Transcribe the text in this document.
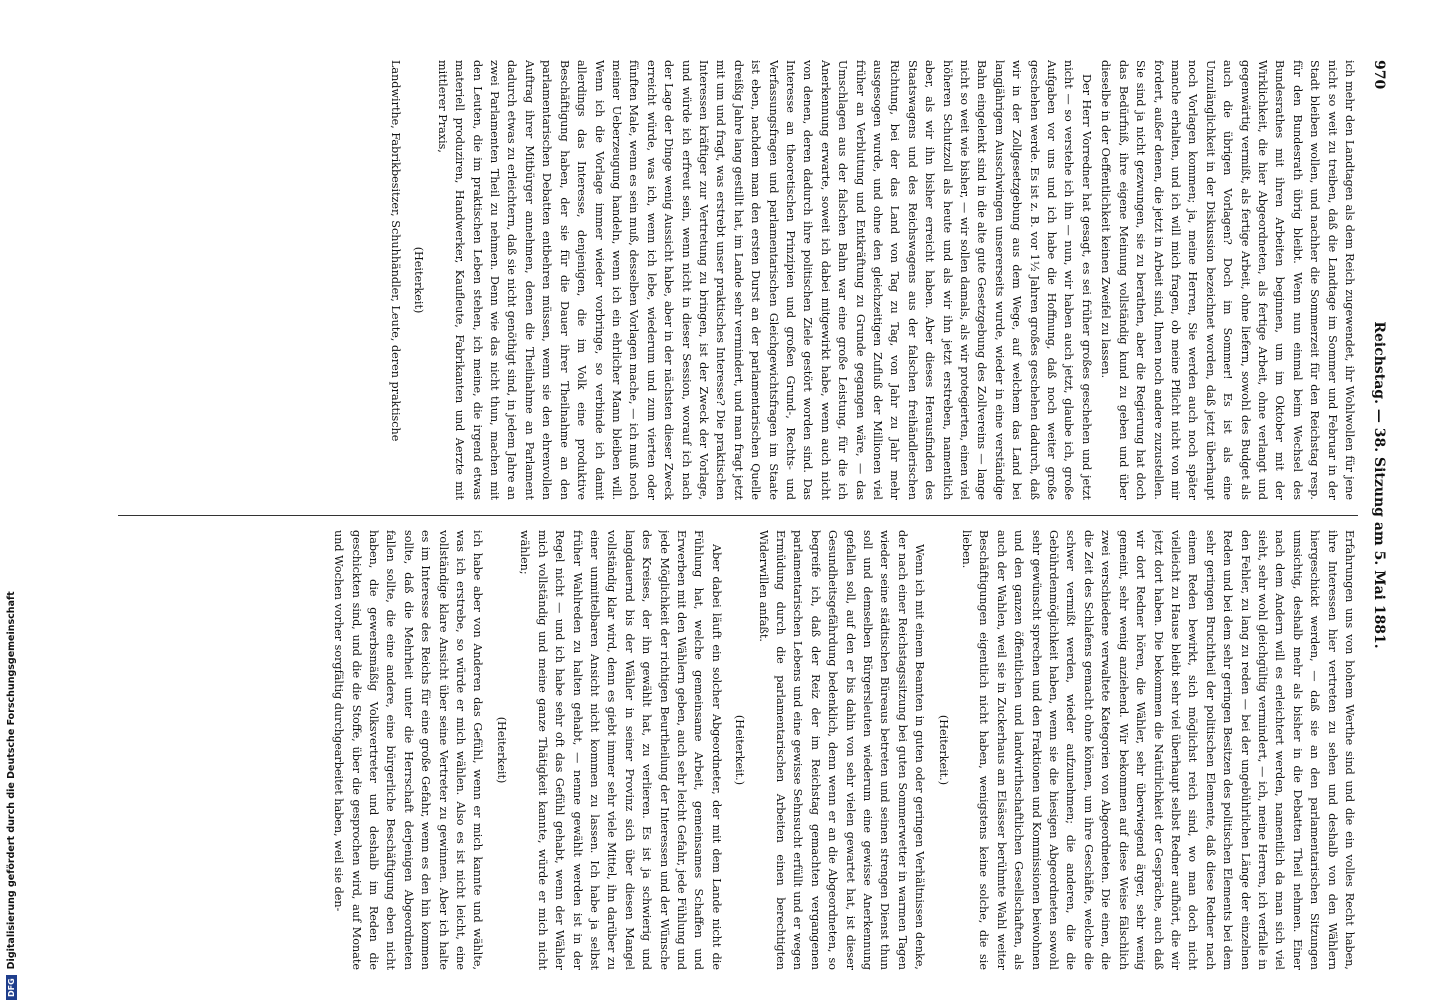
970
Reichstag. — 38. Sitzung am 5. Mai 1881.

ich mehr den Landtagen als dem Reich zugewendet, ihr Wohlwollen für jene nicht so weit zu treiben, daß die Landtage im Sommer und Februar in der Stadt bleiben wollen, und nachher die Sommerzeit für den Reichstag resp. für den Bundesrath übrig bleibt. Wenn nun einmal beim Wechsel des Bundesrathes mit ihren Arbeiten beginnen, um im Oktober mit der Wirklichkeit, die hier Abgeordneten, als fertige Arbeit, ohne verlangt und gegenwärtig vermißt, als fertige Arbeit, ohne liefern, sowohl des Budget als auch die übrigen Vorlagen? Doch im Sommer! Es ist als eine Unzulänglichkeit in der Diskussion bezeichnet worden, daß jetzt überhaupt noch Vorlagen kommen; ja, meine Herren, Sie werden auch noch später manche erhalten, und ich will mich fragen, ob meine Pflicht nicht von mir fordert, außer denen, die jetzt in Arbeit sind, Ihnen noch andere zuzustellen. Sie sind ja nicht gezwungen, sie zu berathen, aber die Regierung hat doch das Bedürfniß, ihre eigene Meinung vollständig kund zu geben und über dieselbe in der Oeffentlichkeit keinen Zweifel zu lassen.

Der Herr Vorredner hat gesagt, es sei früher großes geschehen und jetzt nicht — so verstehe ich ihn — nun, wir haben auch jetzt, glaube ich, große Aufgaben vor uns und ich habe die Hoffnung, daß noch weiter große geschehen werde. Es ist z. B. vor 1½ Jahren großes geschehen dadurch, daß wir in der Zollgesetzgebung aus dem Wege, auf welchem das Land bei langjährigem Ausschwingen unsererseits wurde, wieder in eine verständige Bahn eingelenkt sind in die alte gute Gesetzgebung des Zollvereins — lange nicht so weit wie bisher, — wir sollen damals, als wir protegierten, einen viel höheren Schutzzoll als heute und als wir ihn jetzt erstreben, namentlich aber, als wir ihn bisher erreicht haben. Aber dieses Herausfinden des Staatswagens und des Reichswagens aus der falschen freihändlerischen Richtung, bei der das Land von Tag zu Tag, von Jahr zu Jahr mehr ausgesogen wurde, und ohne den gleichzeitigen Zufluß der Millionen viel früher an Verblutung und Entkräftung zu Grunde gegangen wäre, — das Umschlagen aus der falschen Bahn war eine große Leistung, für die ich Anerkennung erwarte, soweit ich dabei mitgewirkt habe, wenn auch nicht von denen, deren dadurch ihre politischen Ziele gestört worden sind. Das Interesse an theoretischen Prinzipien und großen Grund-, Rechts- und Verfassungsfragen und parlamentarischen Gleichgewichtsfragen im Staate ist eben, nachdem man den ersten Durst an der parlamentarischen Quelle dreißig Jahre lang gestillt hat, im Lande sehr vermindert, und man fragt jetzt mit um und fragt, was erstrebt unser praktisches Interesse? Die praktischen Interessen kräftiger zur Vertretung zu bringen, ist der Zweck der Vorlage, und würde ich erfreut sein, wenn nicht in dieser Session, worauf ich nach der Lage der Dinge wenig Aussicht habe, aber in der nächsten dieser Zweck erreicht würde, was ich, wenn ich lebe, wiederum und zum vierten oder fünften Male, wenn es sein muß, desselben Vorlagen mache, — ich muß noch meiner Ueberzeugung handeln, wenn ich ein ehrlicher Mann bleiben will. Wenn ich die Vorlage immer wieder vorbringe, so verbinde ich damit allerdings das Interesse, denjenigen, die im Volk eine produktive Beschäftigung haben, der sie für die Dauer ihrer Theilnahme an den parlamentarischen Debatten entbehren müssen, wenn sie den ehrenvollen Auftrag ihrer Mitbürger annehmen, denen die Theilnahme an Parlament dadurch etwas zu erleichtern, daß sie nicht genöthigt sind, in jedem Jahre an zwei Parlamenten Theil zu nehmen. Denn wie das nicht thun, machen mit den Leuten, die im praktischen Leben stehen, ich meine, die irgend etwas materiell produziren, Handwerker, Kaufleute, Fabrikanten und Aerzte mit mittlerer Praxis,

(Heiterkeit)

Landwirthe, Fabrikbesitzer, Schuhhändler, Leute, deren praktische

Erfahrungen uns von hohem Werthe sind und die ein volles Recht haben, ihre Interessen hier vertreten zu sehen und deshalb von den Wählern hiergeschickt werden, — daß sie an den parlamentarischen Sitzungen umsichtig, deshalb mehr als bisher in die Debatten Theil nehmen. Einer nach dem Andern will es erleichtert werden, namentlich da man sich viel sieht, sehr wohl gleichgültig vermindert, — ich, meine Herren, ich verfalle in den Fehler, zu lang zu reden — bei der ungebührlichen Länge der einzelnen Reden und bei dem sehr geringen Besitzen des politischen Elements bei dem sehr geringen Bruchtheil der politischen Elemente, daß diese Redner nach einem Reden bewirkt, sich möglichst reich sind, wo man doch nicht vielleicht zu Hause bleibt sehr viel überhaupt selbst Redner aufhört, die wir jetzt dort haben. Die bekommen die Natürlichkeit der Gespräche, auch daß wir dort Redner hören, die Wähler, sehr überwiegend ärger, sehr wenig gemeint, sehr wenig anziehend. Wir bekommen auf diese Weise fälschlich zwei verschiedene verwaltete Kategorien von Abgeordneten. Die einen, die die Zeit des Schlafens gemacht ohne können, um ihre Geschäfte, welche die schwer vermißt werden, wieder aufzunehmen; die anderen, die die Gebührdenmöglichkeit haben, wenn sie die hiesigen Abgeordneten sowohl sehr gewünscht sprechen und den Fraktionen und Kommissionen beiwohnen und den ganzen öffentlichen und landwirthschaftlichen Gesellschaften, als auch der Wahlen, weil sie in Zuckerhaus am Elsässer berühmte Wahl weiter Beschäftigungen eigentlich nicht haben, wenigstens keine solche, die sie lieben.

(Heiterkeit.)

Wenn ich mit einem Beamten in guten oder geringen Verhältnissen denke, der nach einer Reichstagssitzung bei guten Sommerwetter in warmen Tagen wieder seine städtischen Büreaus betreten und seinen strengen Dienst thun soll und demselben Bürgersleuten wiederum eine gewisse Anerkennung gefallen soll, auf den er bis dahin von sehr vielen gewartet hat, ist dieser Gesundheitsgefährdung bedenklich, denn wenn er an die Abgeordneten, so begreife ich, daß der Reiz der im Reichstag gemachten vergangenen parlamentarischen Lebens und eine gewisse Sehnsucht erfüllt und er wegen Ermüdung durch die parlamentarischen Arbeiten einen berechtigten Widerwillen anfaßt.

(Heiterkeit.)

Aber dabei läuft ein solcher Abgeordneter, der mit dem Lande nicht die Fühlung hat, welche gemeinsame Arbeit, gemeinsames Schaffen und Erwerben mit den Wählern geben, auch sehr leicht Gefahr, jede Fühlung und jede Möglichkeit der richtigen Beurtheilung der Interessen und der Wünsche des Kreises, der ihn gewählt hat, zu verlieren. Es ist ja schwierig und langdauernd bis der Wähler in seiner Provinz sich über diesen Mangel vollständig klar wird, denn es giebt immer sehr viele Mittel, ihn darüber zu einer unmittelbaren Ansicht nicht kommen zu lassen. Ich habe ja selbst früher Wahlreden zu halten gehabt, — nenne gewählt werden ist in der Regel nicht — und ich habe sehr oft das Gefühl gehabt, wenn der Wähler mich vollständig und meine ganze Thätigkeit kannte, würde er mich nicht wählen;

(Heiterkeit)

ich habe aber von Anderen das Gefühl, wenn er mich kannte und wählte, was ich erstrebe, so würde er mich wählen. Also es ist nicht leicht, eine vollständige klare Ansicht über seine Vertreter zu gewinnen. Aber ich halte es im Interesse des Reichs für eine große Gefahr, wenn es den hin kommen sollte, daß die Mehrheit unter die Herrschaft derjenigen Abgeordneten fallen sollte, die eine andere, eine bürgerliche Beschäftigung eben nicht haben, die gewerbsmäßig Volksvertreter und deshalb im Reden die geschickten sind, und die die Stoffe, über die gesprochen wird, auf Monate und Wochen vorher sorgfältig durchgearbeitet haben, weil sie den-

DFG
Digitalisierung gefördert durch die Deutsche Forschungsgemeinschaft
